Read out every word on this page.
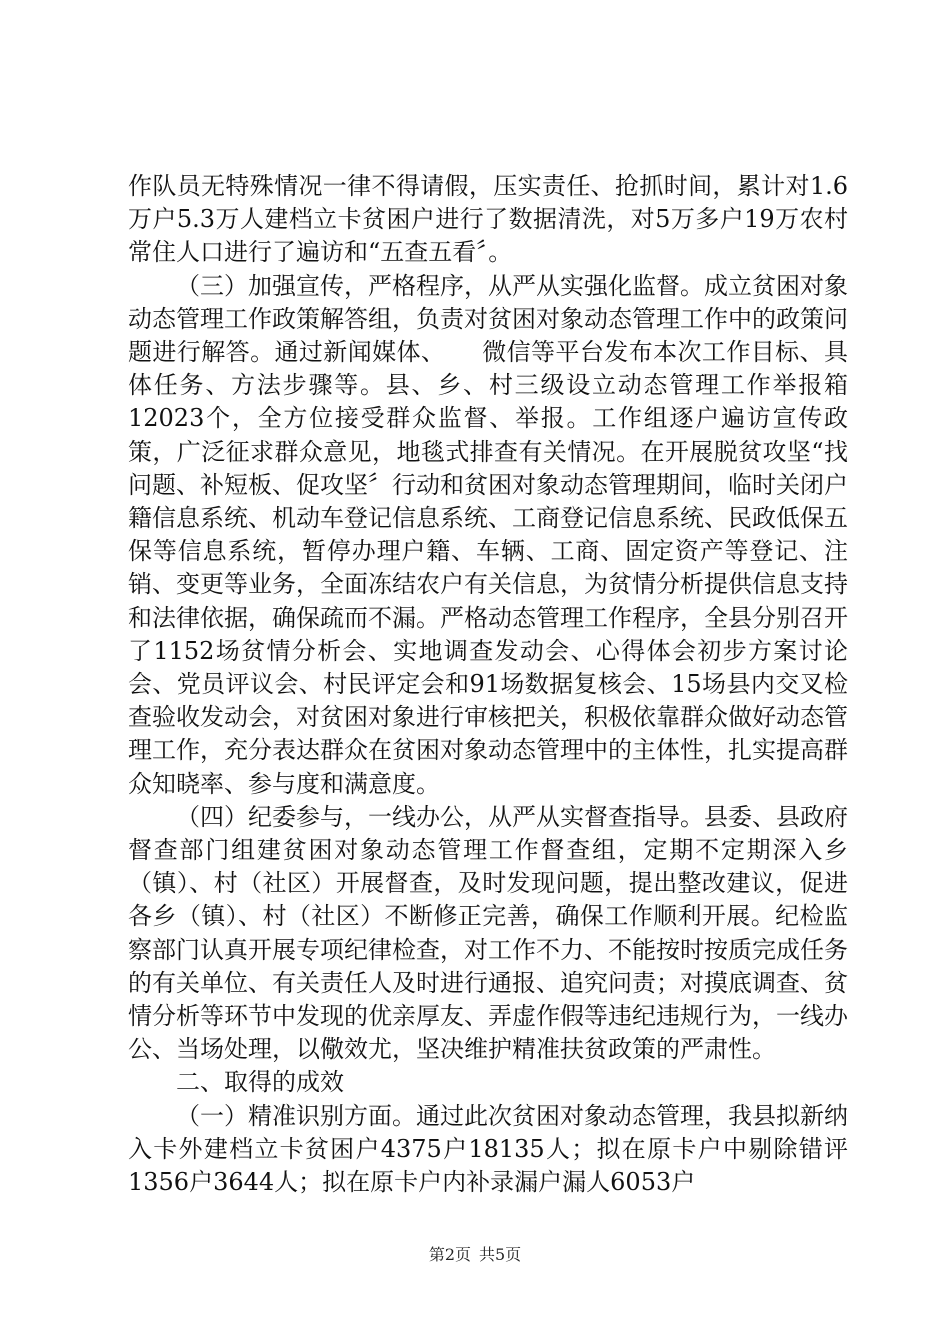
作队员无特殊情况一律不得请假，压实责任、抢抓时间，累计对1.6万户5.3万人建档立卡贫困户进行了数据清洗，对5万多户19万农村常住人口进行了遍访和“五查五看〞。

（三）加强宣传，严格程序，从严从实强化监督。成立贫困对象动态管理工作政策解答组，负责对贫困对象动态管理工作中的政策问题进行解答。通过新闻媒体、　　微信等平台发布本次工作目标、具体任务、方法步骤等。县、乡、村三级设立动态管理工作举报箱12023个，全方位接受群众监督、举报。工作组逐户遍访宣传政策，广泛征求群众意见，地毯式排查有关情况。在开展脱贫攻坚“找问题、补短板、促攻坚〞行动和贫困对象动态管理期间，临时关闭户籍信息系统、机动车登记信息系统、工商登记信息系统、民政低保五保等信息系统，暂停办理户籍、车辆、工商、固定资产等登记、注销、变更等业务，全面冻结农户有关信息，为贫情分析提供信息支持和法律依据，确保疏而不漏。严格动态管理工作程序，全县分别召开了1152场贫情分析会、实地调查发动会、心得体会初步方案讨论会、党员评议会、村民评定会和91场数据复核会、15场县内交叉检查验收发动会，对贫困对象进行审核把关，积极依靠群众做好动态管理工作，充分表达群众在贫困对象动态管理中的主体性，扎实提高群众知晓率、参与度和满意度。

（四）纪委参与，一线办公，从严从实督查指导。县委、县政府督查部门组建贫困对象动态管理工作督查组，定期不定期深入乡（镇）、村（社区）开展督查，及时发现问题，提出整改建议，促进各乡（镇）、村（社区）不断修正完善，确保工作顺利开展。纪检监察部门认真开展专项纪律检查，对工作不力、不能按时按质完成任务的有关单位、有关责任人及时进行通报、追究问责；对摸底调查、贫情分析等环节中发现的优亲厚友、弄虚作假等违纪违规行为，一线办公、当场处理，以儆效尤，坚决维护精准扶贫政策的严肃性。

二、取得的成效

（一）精准识别方面。通过此次贫困对象动态管理，我县拟新纳入卡外建档立卡贫困户4375户18135人；拟在原卡户中剔除错评1356户3644人；拟在原卡户内补录漏户漏人6053户

第2页 共5页
